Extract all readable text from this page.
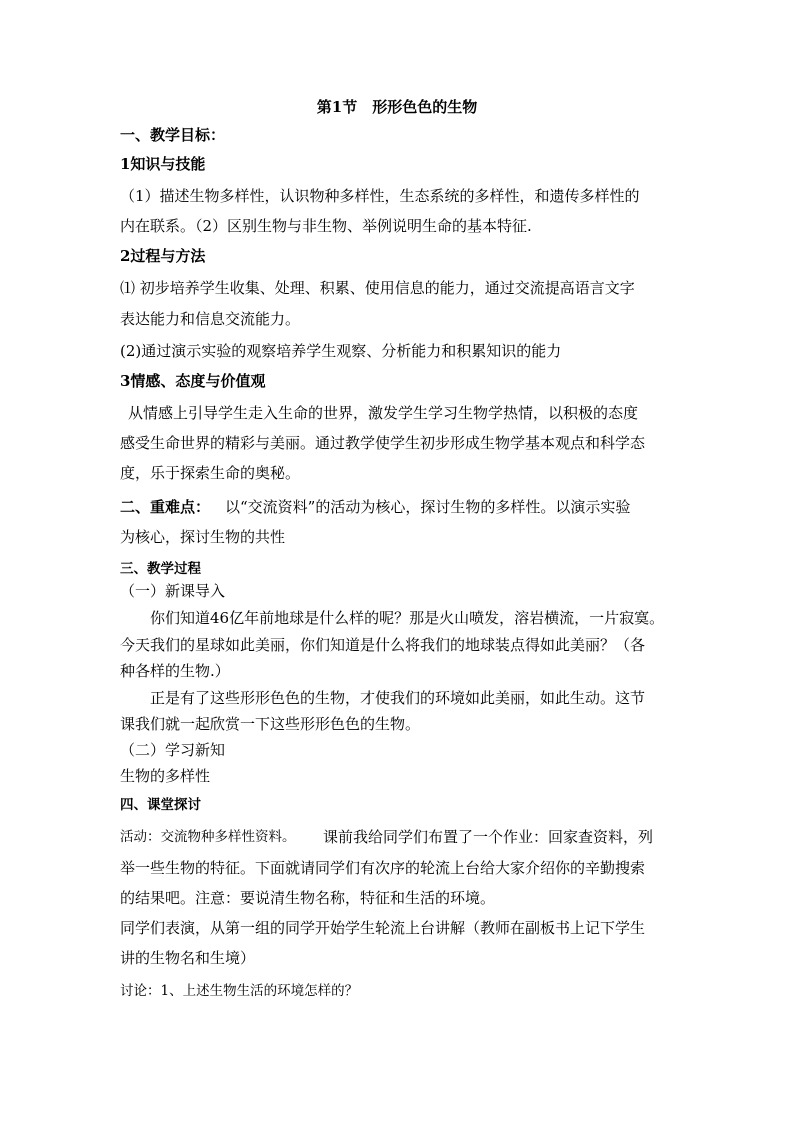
第1节　形形色色的生物
一、教学目标：
1知识与技能
（1）描述生物多样性，认识物种多样性，生态系统的多样性，和遗传多样性的
内在联系。（2）区别生物与非生物、举例说明生命的基本特征.
2过程与方法
⑴ 初步培养学生收集、处理、积累、使用信息的能力，通过交流提高语言文字
表达能力和信息交流能力。
(2)通过演示实验的观察培养学生观察、分析能力和积累知识的能力
3情感、态度与价值观
从情感上引导学生走入生命的世界，激发学生学习生物学热情，以积极的态度
感受生命世界的精彩与美丽。通过教学使学生初步形成生物学基本观点和科学态
度，乐于探索生命的奥秘。
二、重难点： 以“交流资料”的活动为核心，探讨生物的多样性。以演示实验
为核心，探讨生物的共性
三、教学过程
（一）新课导入
你们知道46亿年前地球是什么样的呢？那是火山喷发，溶岩横流，一片寂寞。
今天我们的星球如此美丽，你们知道是什么将我们的地球装点得如此美丽？（各
种各样的生物.）
正是有了这些形形色色的生物，才使我们的环境如此美丽，如此生动。这节
课我们就一起欣赏一下这些形形色色的生物。
（二）学习新知
生物的多样性
四、课堂探讨
活动：交流物种多样性资料。	课前我给同学们布置了一个作业：回家查资料，列
举一些生物的特征。下面就请同学们有次序的轮流上台给大家介绍你的辛勤搜索
的结果吧。注意：要说清生物名称，特征和生活的环境。
同学们表演，从第一组的同学开始学生轮流上台讲解（教师在副板书上记下学生
讲的生物名和生境）
讨论：1、上述生物生活的环境怎样的？
